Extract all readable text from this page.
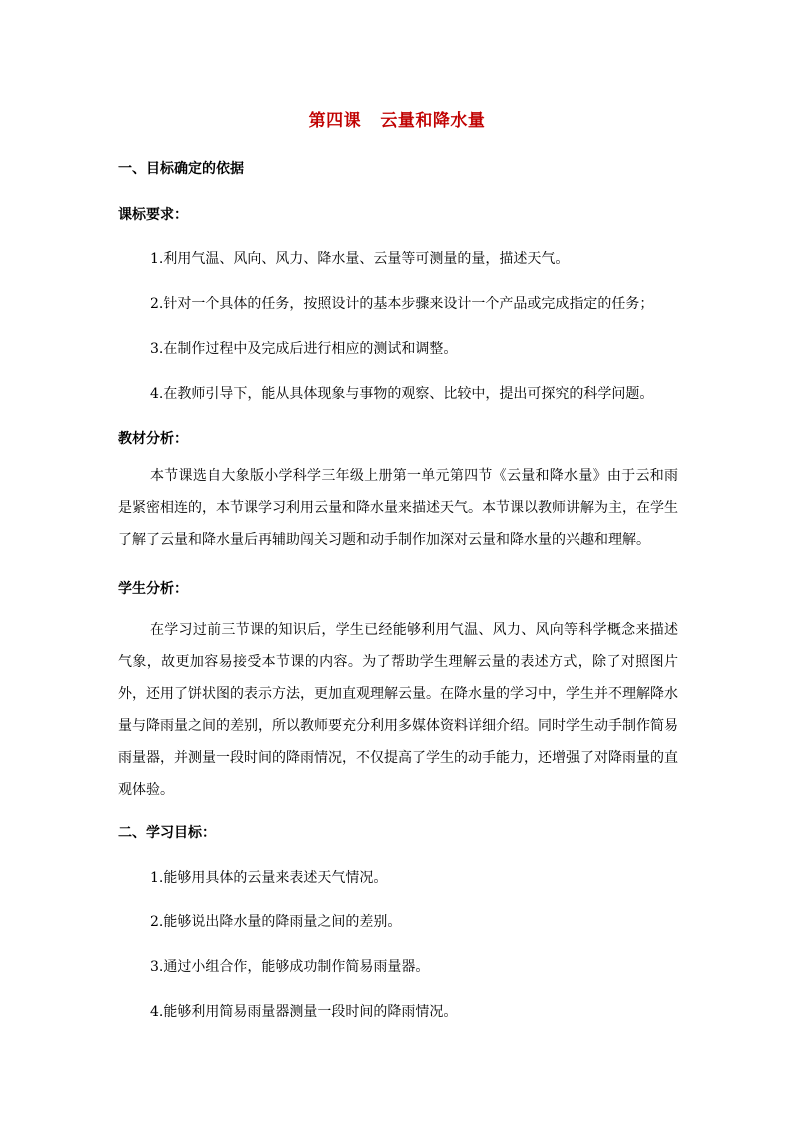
第四课   云量和降水量
一、目标确定的依据
课标要求：
1.利用气温、风向、风力、降水量、云量等可测量的量，描述天气。
2.针对一个具体的任务，按照设计的基本步骤来设计一个产品或完成指定的任务；
3.在制作过程中及完成后进行相应的测试和调整。
4.在教师引导下，能从具体现象与事物的观察、比较中，提出可探究的科学问题。
教材分析：
本节课选自大象版小学科学三年级上册第一单元第四节《云量和降水量》由于云和雨是紧密相连的，本节课学习利用云量和降水量来描述天气。本节课以教师讲解为主，在学生了解了云量和降水量后再辅助闯关习题和动手制作加深对云量和降水量的兴趣和理解。
学生分析：
在学习过前三节课的知识后，学生已经能够利用气温、风力、风向等科学概念来描述气象，故更加容易接受本节课的内容。为了帮助学生理解云量的表述方式，除了对照图片外，还用了饼状图的表示方法，更加直观理解云量。在降水量的学习中，学生并不理解降水量与降雨量之间的差别，所以教师要充分利用多媒体资料详细介绍。同时学生动手制作简易雨量器，并测量一段时间的降雨情况，不仅提高了学生的动手能力，还增强了对降雨量的直观体验。
二、学习目标：
1.能够用具体的云量来表述天气情况。
2.能够说出降水量的降雨量之间的差别。
3.通过小组合作，能够成功制作简易雨量器。
4.能够利用简易雨量器测量一段时间的降雨情况。
